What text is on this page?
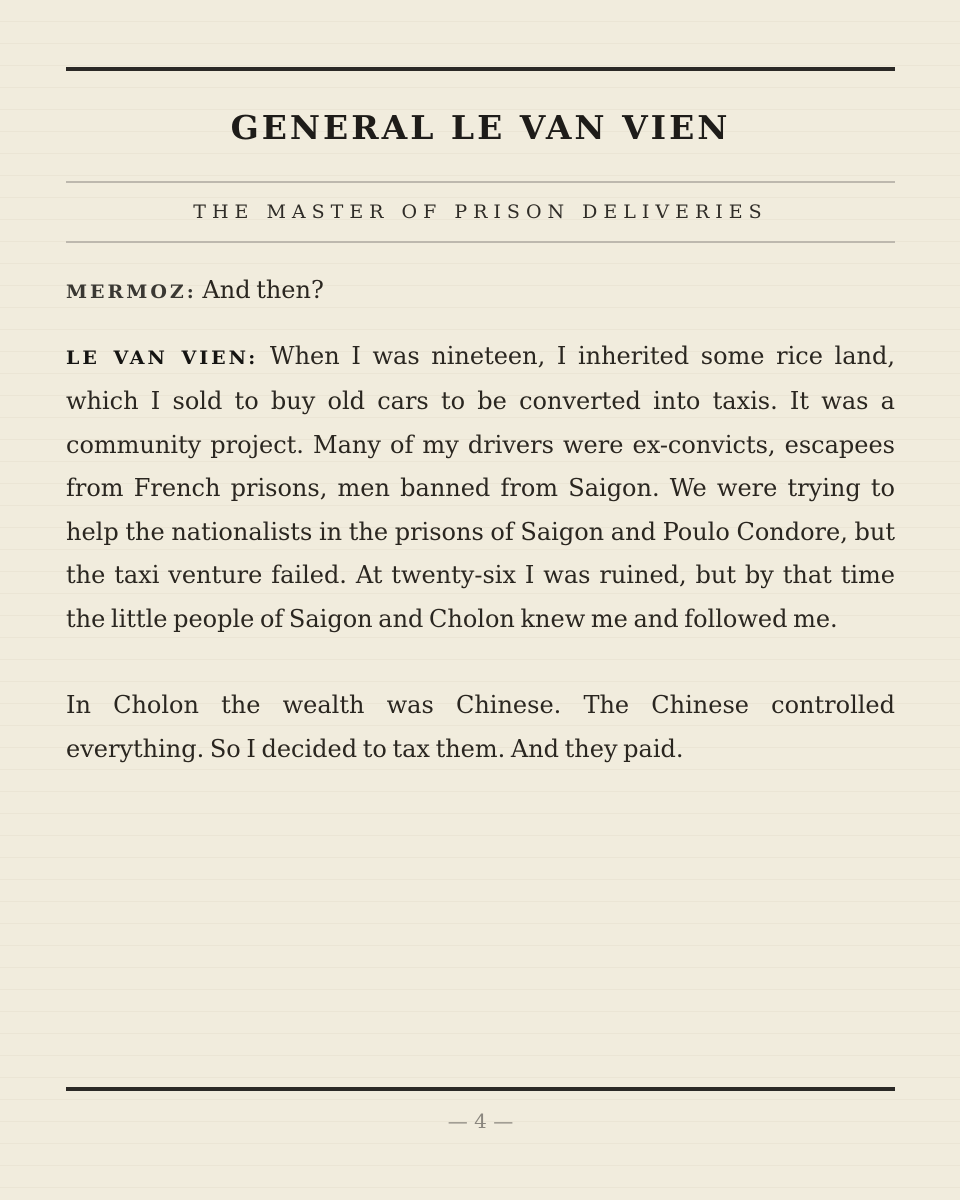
GENERAL LE VAN VIEN
THE MASTER OF PRISON DELIVERIES

MERMOZ: And then?

LE VAN VIEN: When I was nineteen, I inherited some rice land, which I sold to buy old cars to be converted into taxis. It was a community project. Many of my drivers were ex-convicts, escapees from French prisons, men banned from Saigon. We were trying to help the nationalists in the prisons of Saigon and Poulo Condore, but the taxi venture failed. At twenty-six I was ruined, but by that time the little people of Saigon and Cholon knew me and followed me.

In Cholon the wealth was Chinese. The Chinese controlled everything. So I decided to tax them. And they paid.

— 4 —
